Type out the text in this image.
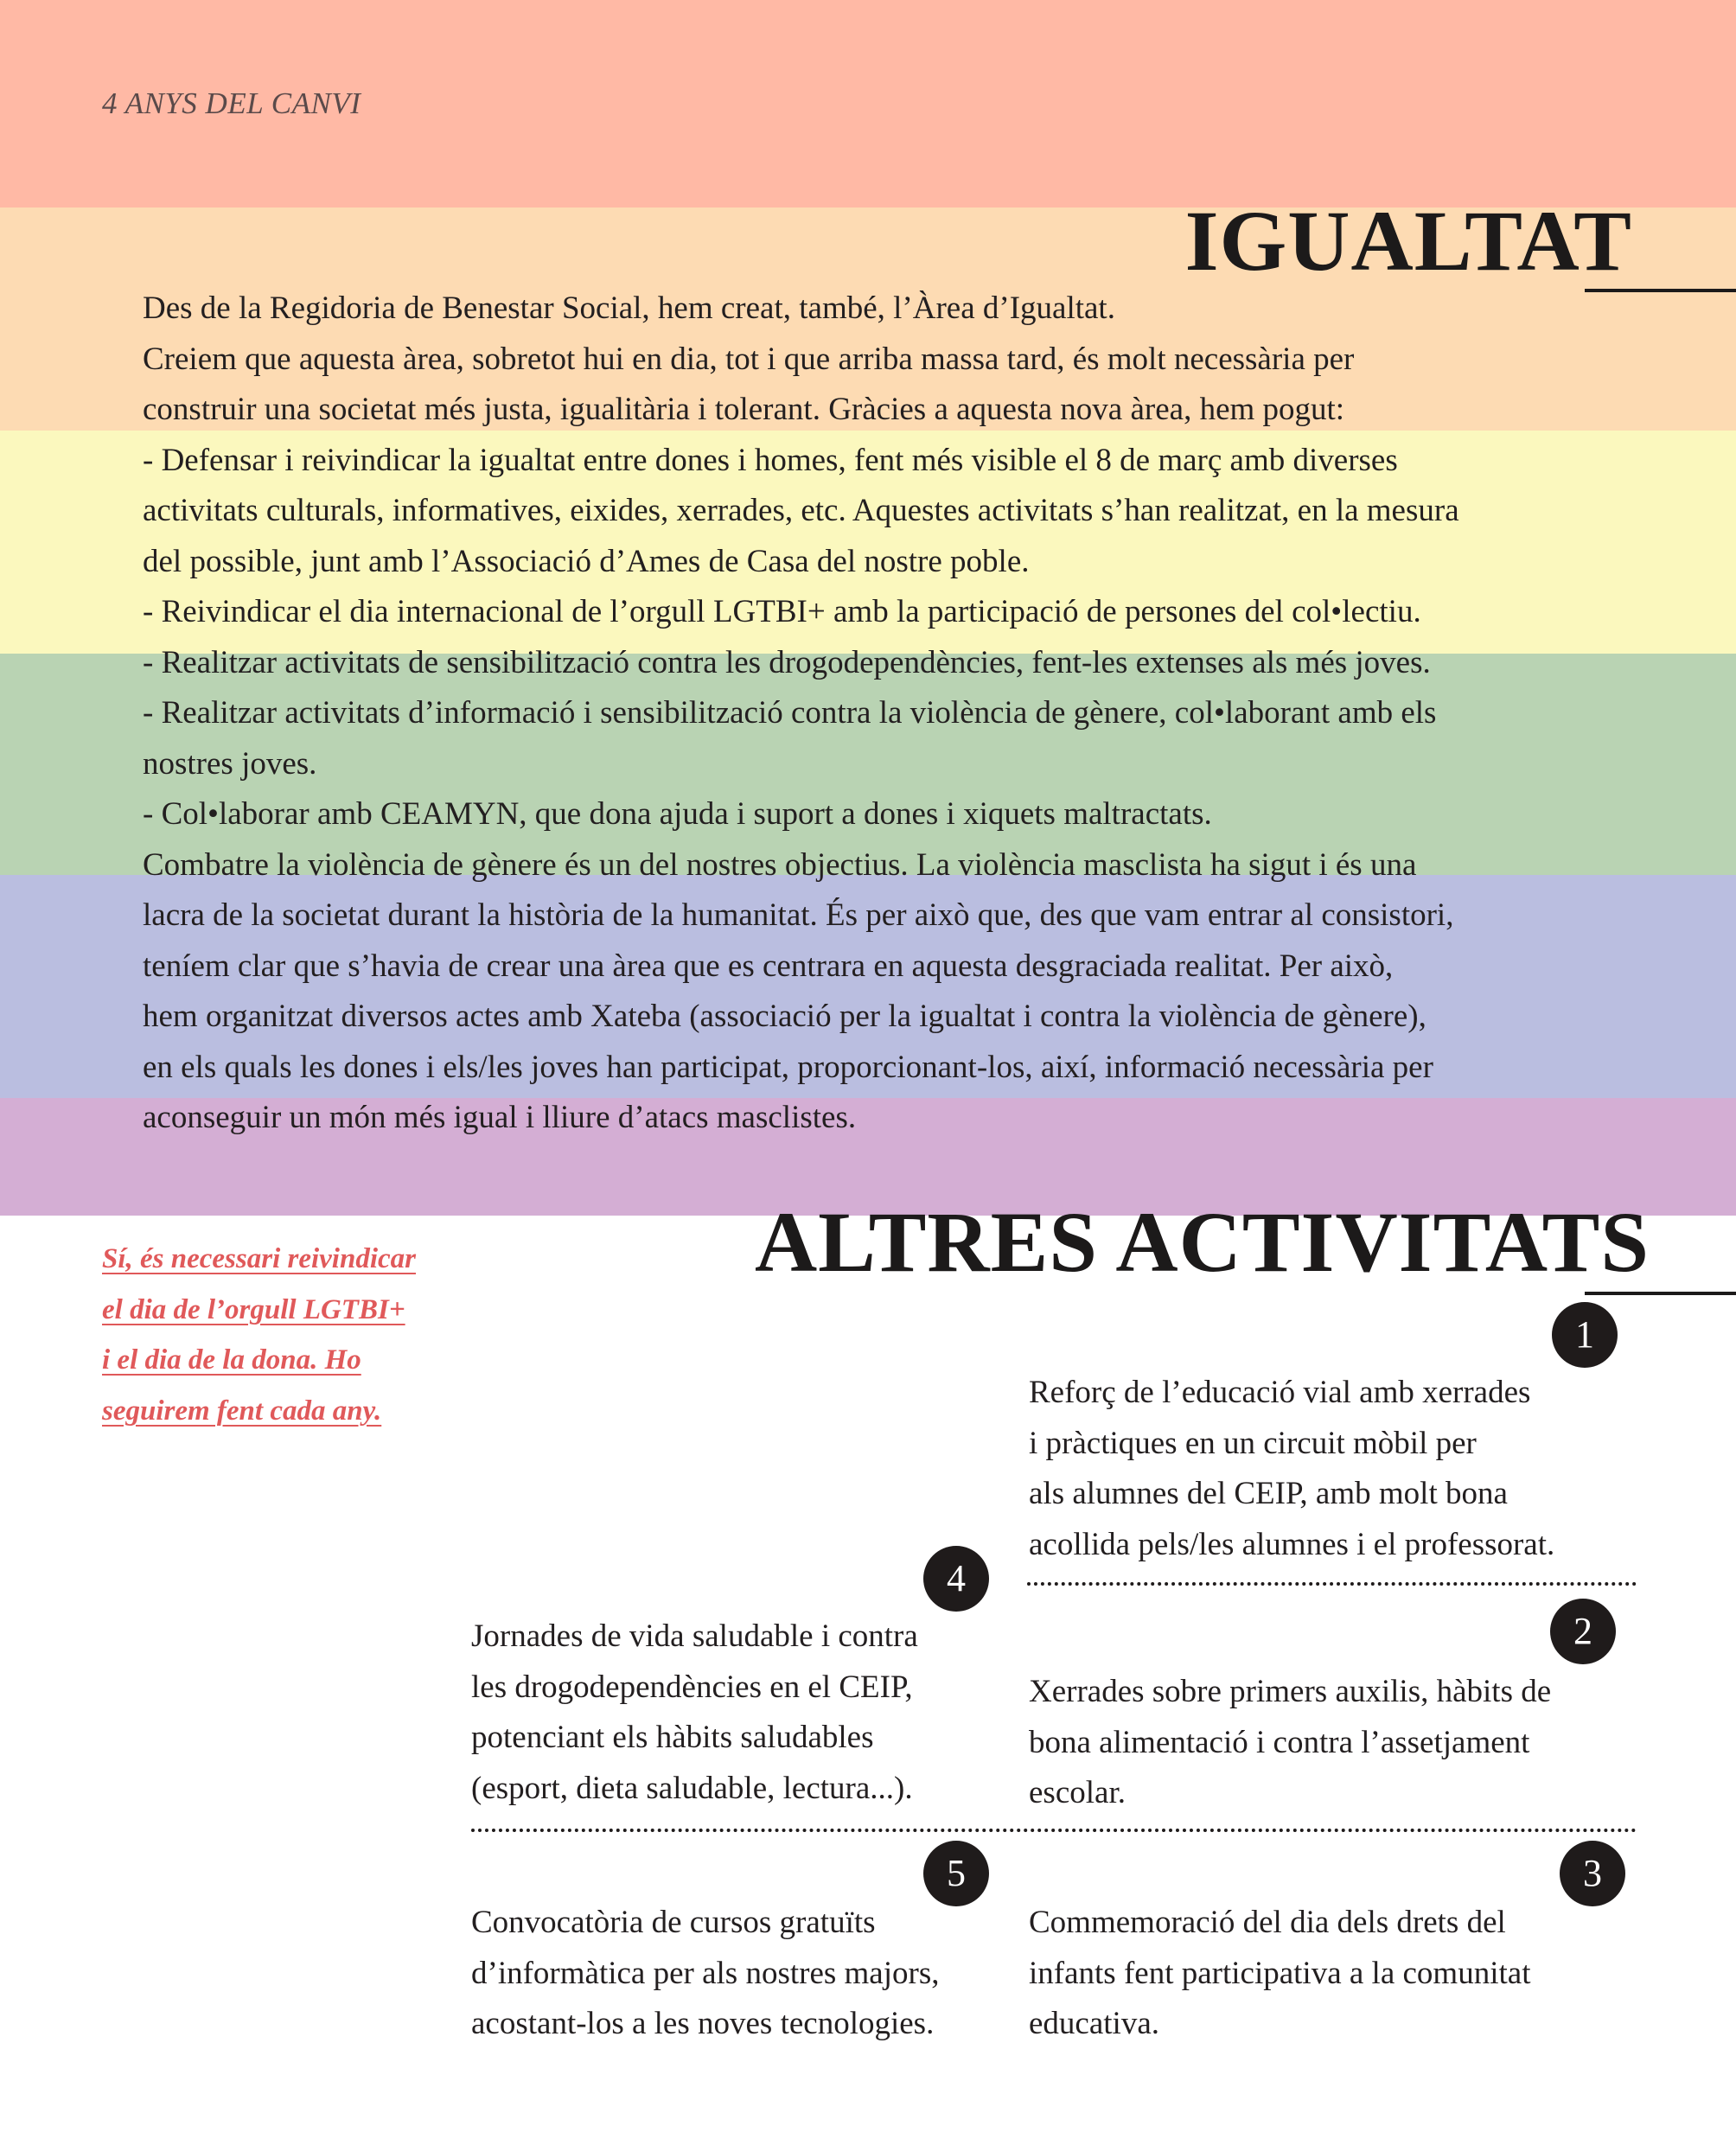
4 ANYS DEL CANVI

IGUALTAT

Des de la Regidoria de Benestar Social, hem creat, també, l’Àrea d’Igualtat.

Creiem que aquesta àrea, sobretot hui en dia, tot i que arriba massa tard, és molt necessària per

construir una societat més justa, igualitària i tolerant. Gràcies a aquesta nova àrea, hem pogut:

- Defensar i reivindicar la igualtat entre dones i homes, fent més visible el 8 de març amb diverses

activitats culturals, informatives, eixides, xerrades, etc. Aquestes activitats s’han realitzat, en la mesura

del possible, junt amb l’Associació d’Ames de Casa del nostre poble.

- Reivindicar el dia internacional de l’orgull LGTBI+ amb la participació de persones del col•lectiu.

- Realitzar activitats de sensibilització contra les drogodependències, fent-les extenses als més joves.

- Realitzar activitats d’informació i sensibilització contra la violència de gènere, col•laborant amb els

nostres joves.

- Col•laborar amb CEAMYN, que dona ajuda i suport a dones i xiquets maltractats.

Combatre la violència de gènere és un del nostres objectius. La violència masclista ha sigut i és una

lacra de la societat durant la història de la humanitat. És per això que, des que vam entrar al consistori,

teníem clar que s’havia de crear una àrea que es centrara en aquesta desgraciada realitat. Per això,

hem organitzat diversos actes amb Xateba (associació per la igualtat i contra la violència de gènere),

en els quals les dones i els/les joves han participat, proporcionant-los, així, informació necessària per

aconseguir un món més igual i lliure d’atacs masclistes.

Sí, és necessari reivindicar
el dia de l’orgull LGTBI+
i el dia de la dona. Ho
seguirem fent cada any.
ALTRES ACTIVITATS
1
Reforç de l’educació vial amb xerrades
i pràctiques en un circuit mòbil per
als alumnes del CEIP, amb molt bona
acollida pels/les alumnes i el professorat.
4
Jornades de vida saludable i contra
les drogodependències en el CEIP,
potenciant els hàbits saludables
(esport, dieta saludable, lectura...).
2
Xerrades sobre primers auxilis, hàbits de
bona alimentació i contra l’assetjament
escolar.
5
Convocatòria de cursos gratuïts
d’informàtica per als nostres majors,
acostant-los a les noves tecnologies.
3
Commemoració del dia dels drets del
infants fent participativa a la comunitat
educativa.
